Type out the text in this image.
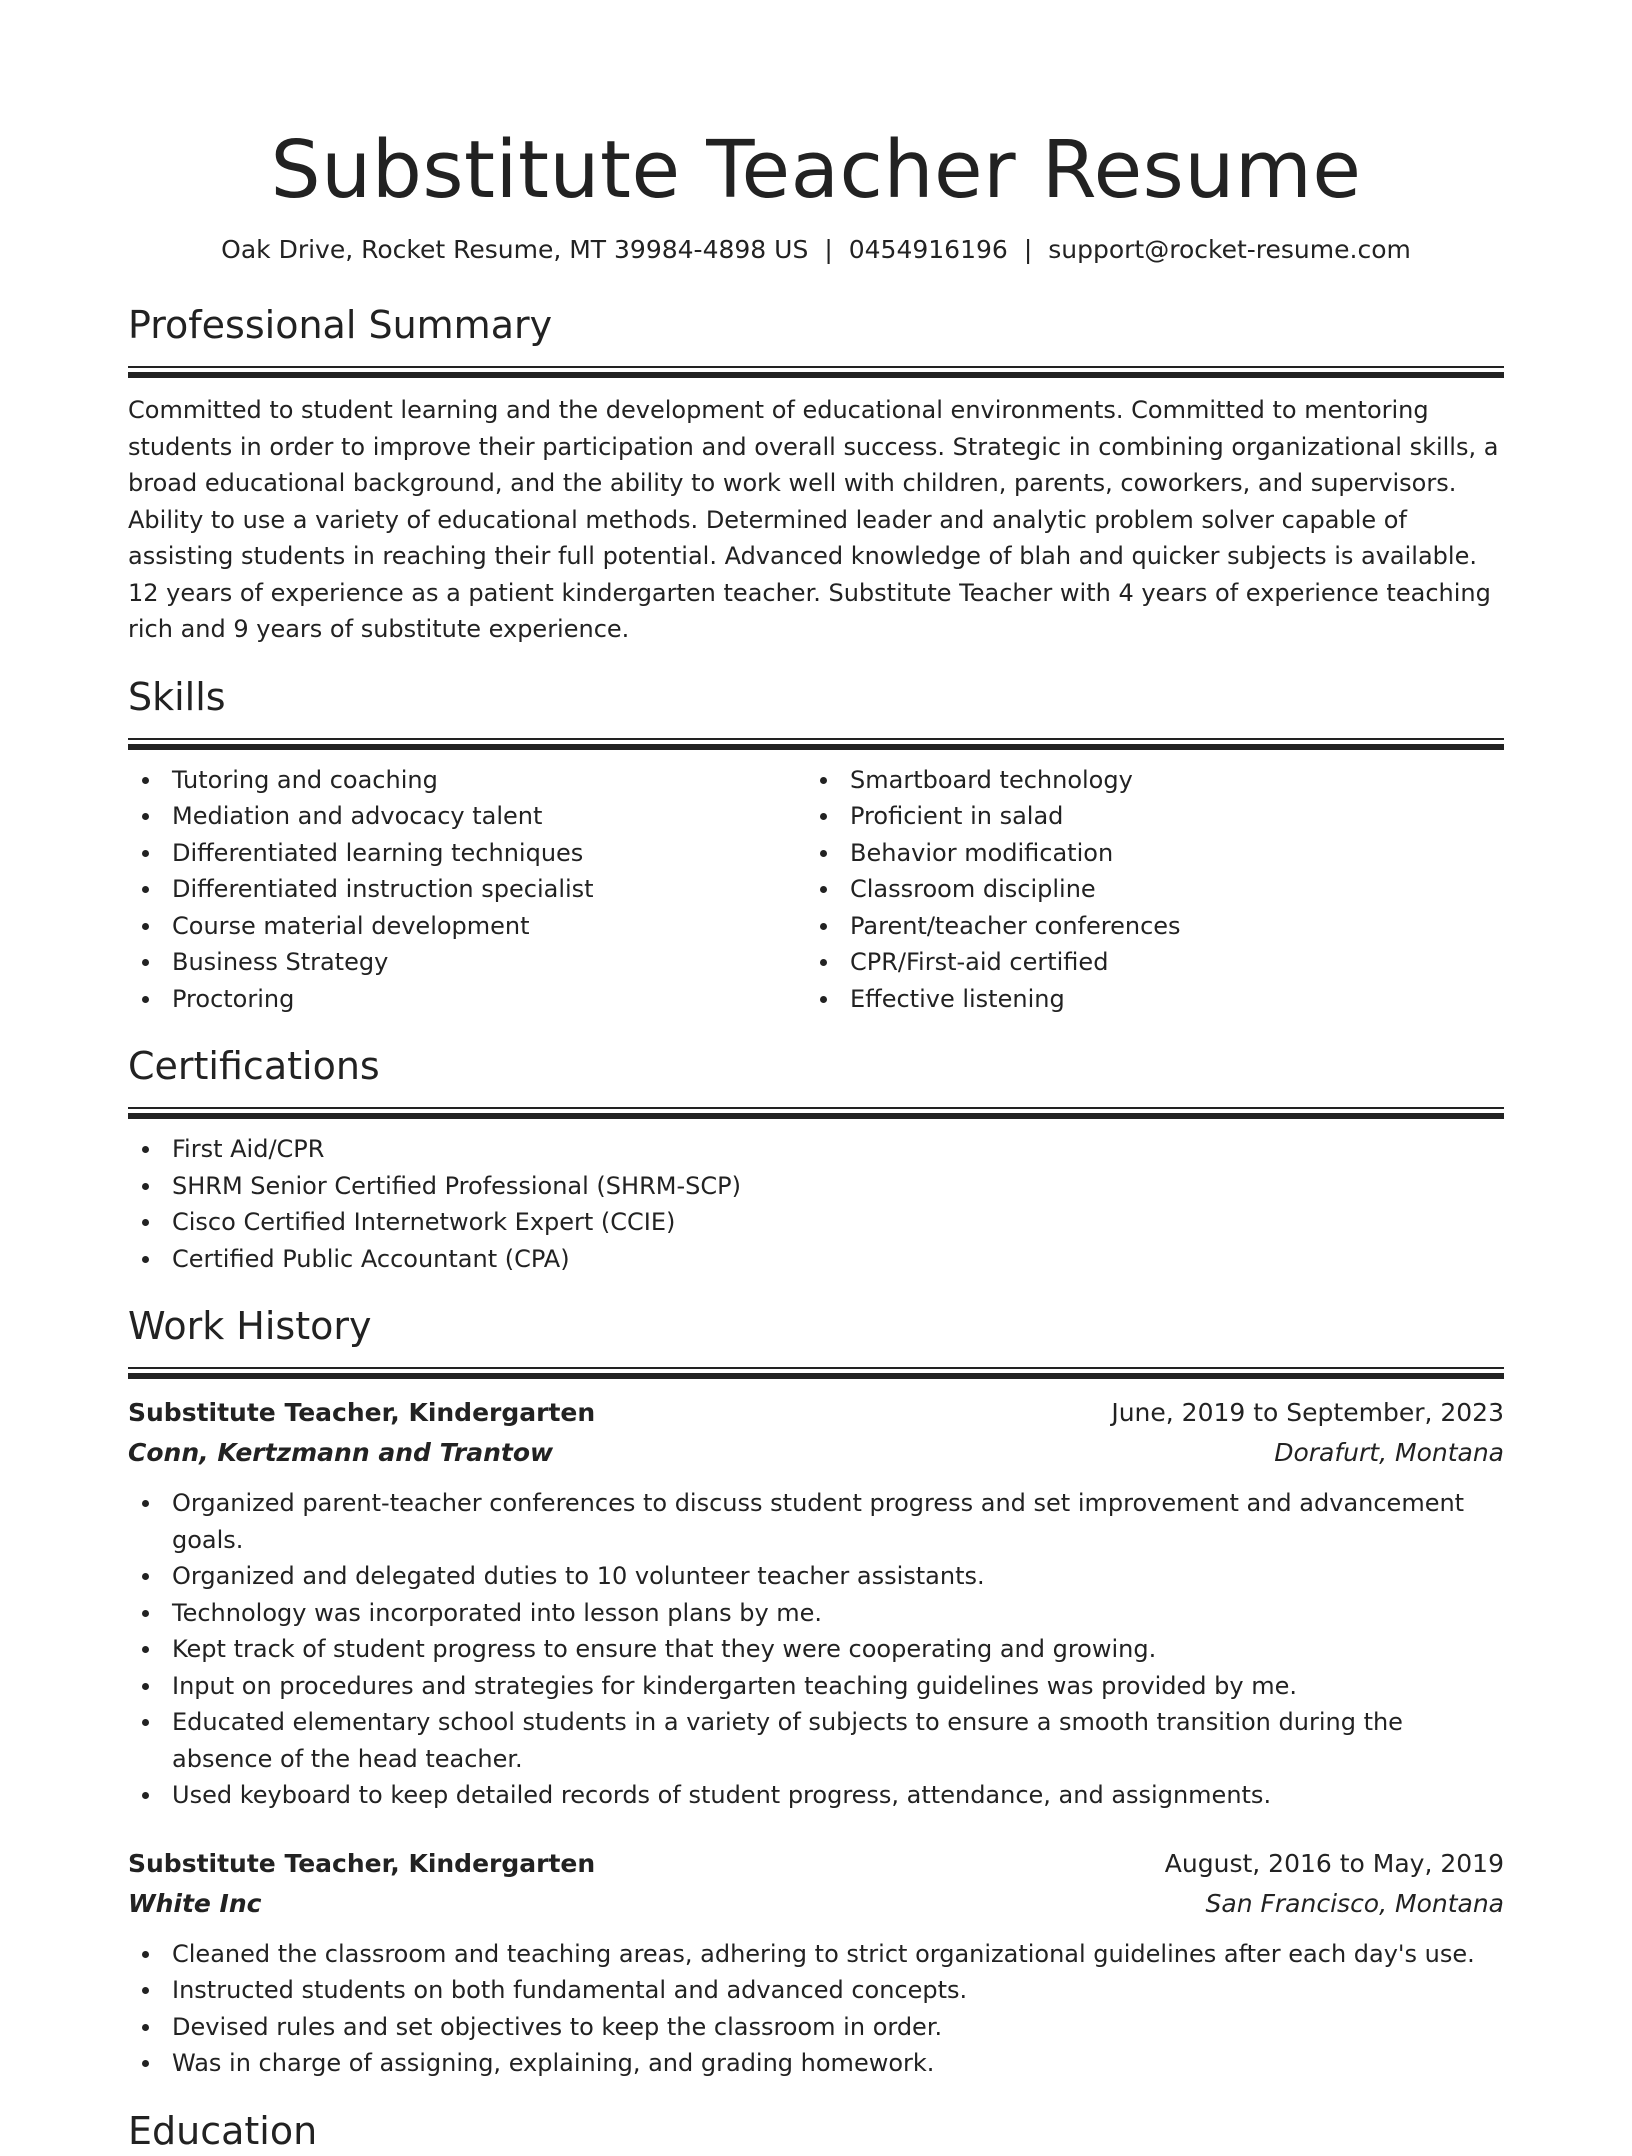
Substitute Teacher Resume
Oak Drive, Rocket Resume, MT 39984-4898 US | 0454916196 | support@rocket-resume.com
Professional Summary

Committed to student learning and the development of educational environments. Committed to mentoring students in order to improve their participation and overall success. Strategic in combining organizational skills, a broad educational background, and the ability to work well with children, parents, coworkers, and supervisors. Ability to use a variety of educational methods. Determined leader and analytic problem solver capable of assisting students in reaching their full potential. Advanced knowledge of blah and quicker subjects is available. 12 years of experience as a patient kindergarten teacher. Substitute Teacher with 4 years of experience teaching rich and 9 years of substitute experience.

Skills
Tutoring and coaching
Mediation and advocacy talent
Differentiated learning techniques
Differentiated instruction specialist
Course material development
Business Strategy
Proctoring
Smartboard technology
Proficient in salad
Behavior modification
Classroom discipline
Parent/teacher conferences
CPR/First-aid certified
Effective listening
Certifications
First Aid/CPR
SHRM Senior Certified Professional (SHRM-SCP)
Cisco Certified Internetwork Expert (CCIE)
Certified Public Accountant (CPA)
Work History
Substitute Teacher, Kindergarten	June, 2019 to September, 2023
Conn, Kertzmann and Trantow	Dorafurt, Montana
Organized parent-teacher conferences to discuss student progress and set improvement and advancement goals.
Organized and delegated duties to 10 volunteer teacher assistants.
Technology was incorporated into lesson plans by me.
Kept track of student progress to ensure that they were cooperating and growing.
Input on procedures and strategies for kindergarten teaching guidelines was provided by me.
Educated elementary school students in a variety of subjects to ensure a smooth transition during the absence of the head teacher.
Used keyboard to keep detailed records of student progress, attendance, and assignments.
Substitute Teacher, Kindergarten	August, 2016 to May, 2019
White Inc	San Francisco, Montana
Cleaned the classroom and teaching areas, adhering to strict organizational guidelines after each day's use.
Instructed students on both fundamental and advanced concepts.
Devised rules and set objectives to keep the classroom in order.
Was in charge of assigning, explaining, and grading homework.
Education
